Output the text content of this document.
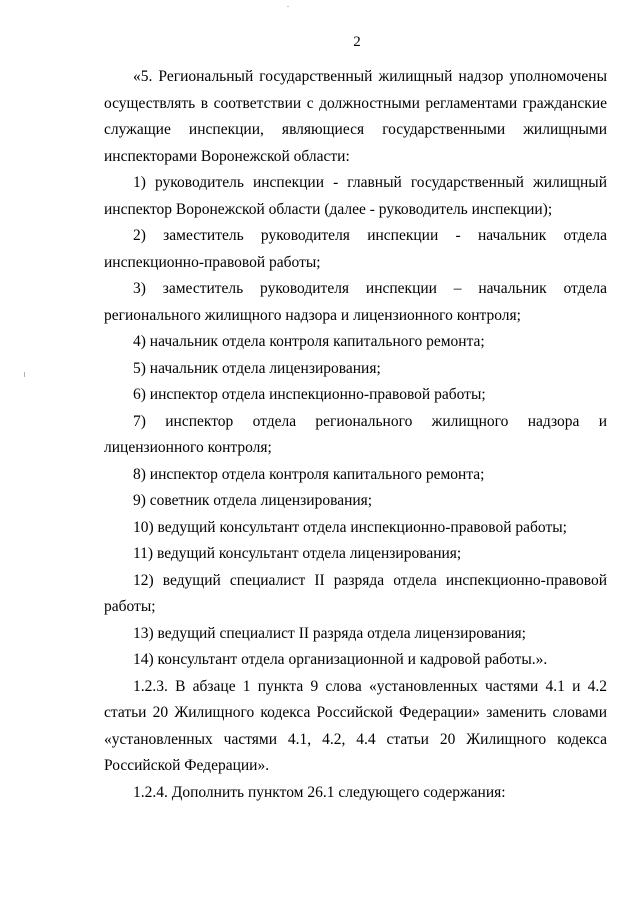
2

«5. Региональный государственный жилищный надзор уполномочены осуществлять в соответствии с должностными регламентами гражданские служащие инспекции, являющиеся государственными жилищными инспекторами Воронежской области:

1) руководитель инспекции - главный государственный жилищный инспектор Воронежской области (далее - руководитель инспекции);

2) заместитель руководителя инспекции - начальник отдела инспекционно-правовой работы;

3) заместитель руководителя инспекции – начальник отдела регионального жилищного надзора и лицензионного контроля;

4) начальник отдела контроля капитального ремонта;

5) начальник отдела лицензирования;

6) инспектор отдела инспекционно-правовой работы;

7) инспектор отдела регионального жилищного надзора и лицензионного контроля;

8) инспектор отдела контроля капитального ремонта;

9) советник отдела лицензирования;

10) ведущий консультант отдела инспекционно-правовой работы;

11) ведущий консультант отдела лицензирования;

12) ведущий специалист II разряда отдела инспекционно-правовой работы;

13) ведущий специалист II разряда отдела лицензирования;

14) консультант отдела организационной и кадровой работы.».

1.2.3. В абзаце 1 пункта 9 слова «установленных частями 4.1 и 4.2 статьи 20 Жилищного кодекса Российской Федерации» заменить словами «установленных частями 4.1, 4.2, 4.4 статьи 20 Жилищного кодекса Российской Федерации».

1.2.4. Дополнить пунктом 26.1 следующего содержания:
